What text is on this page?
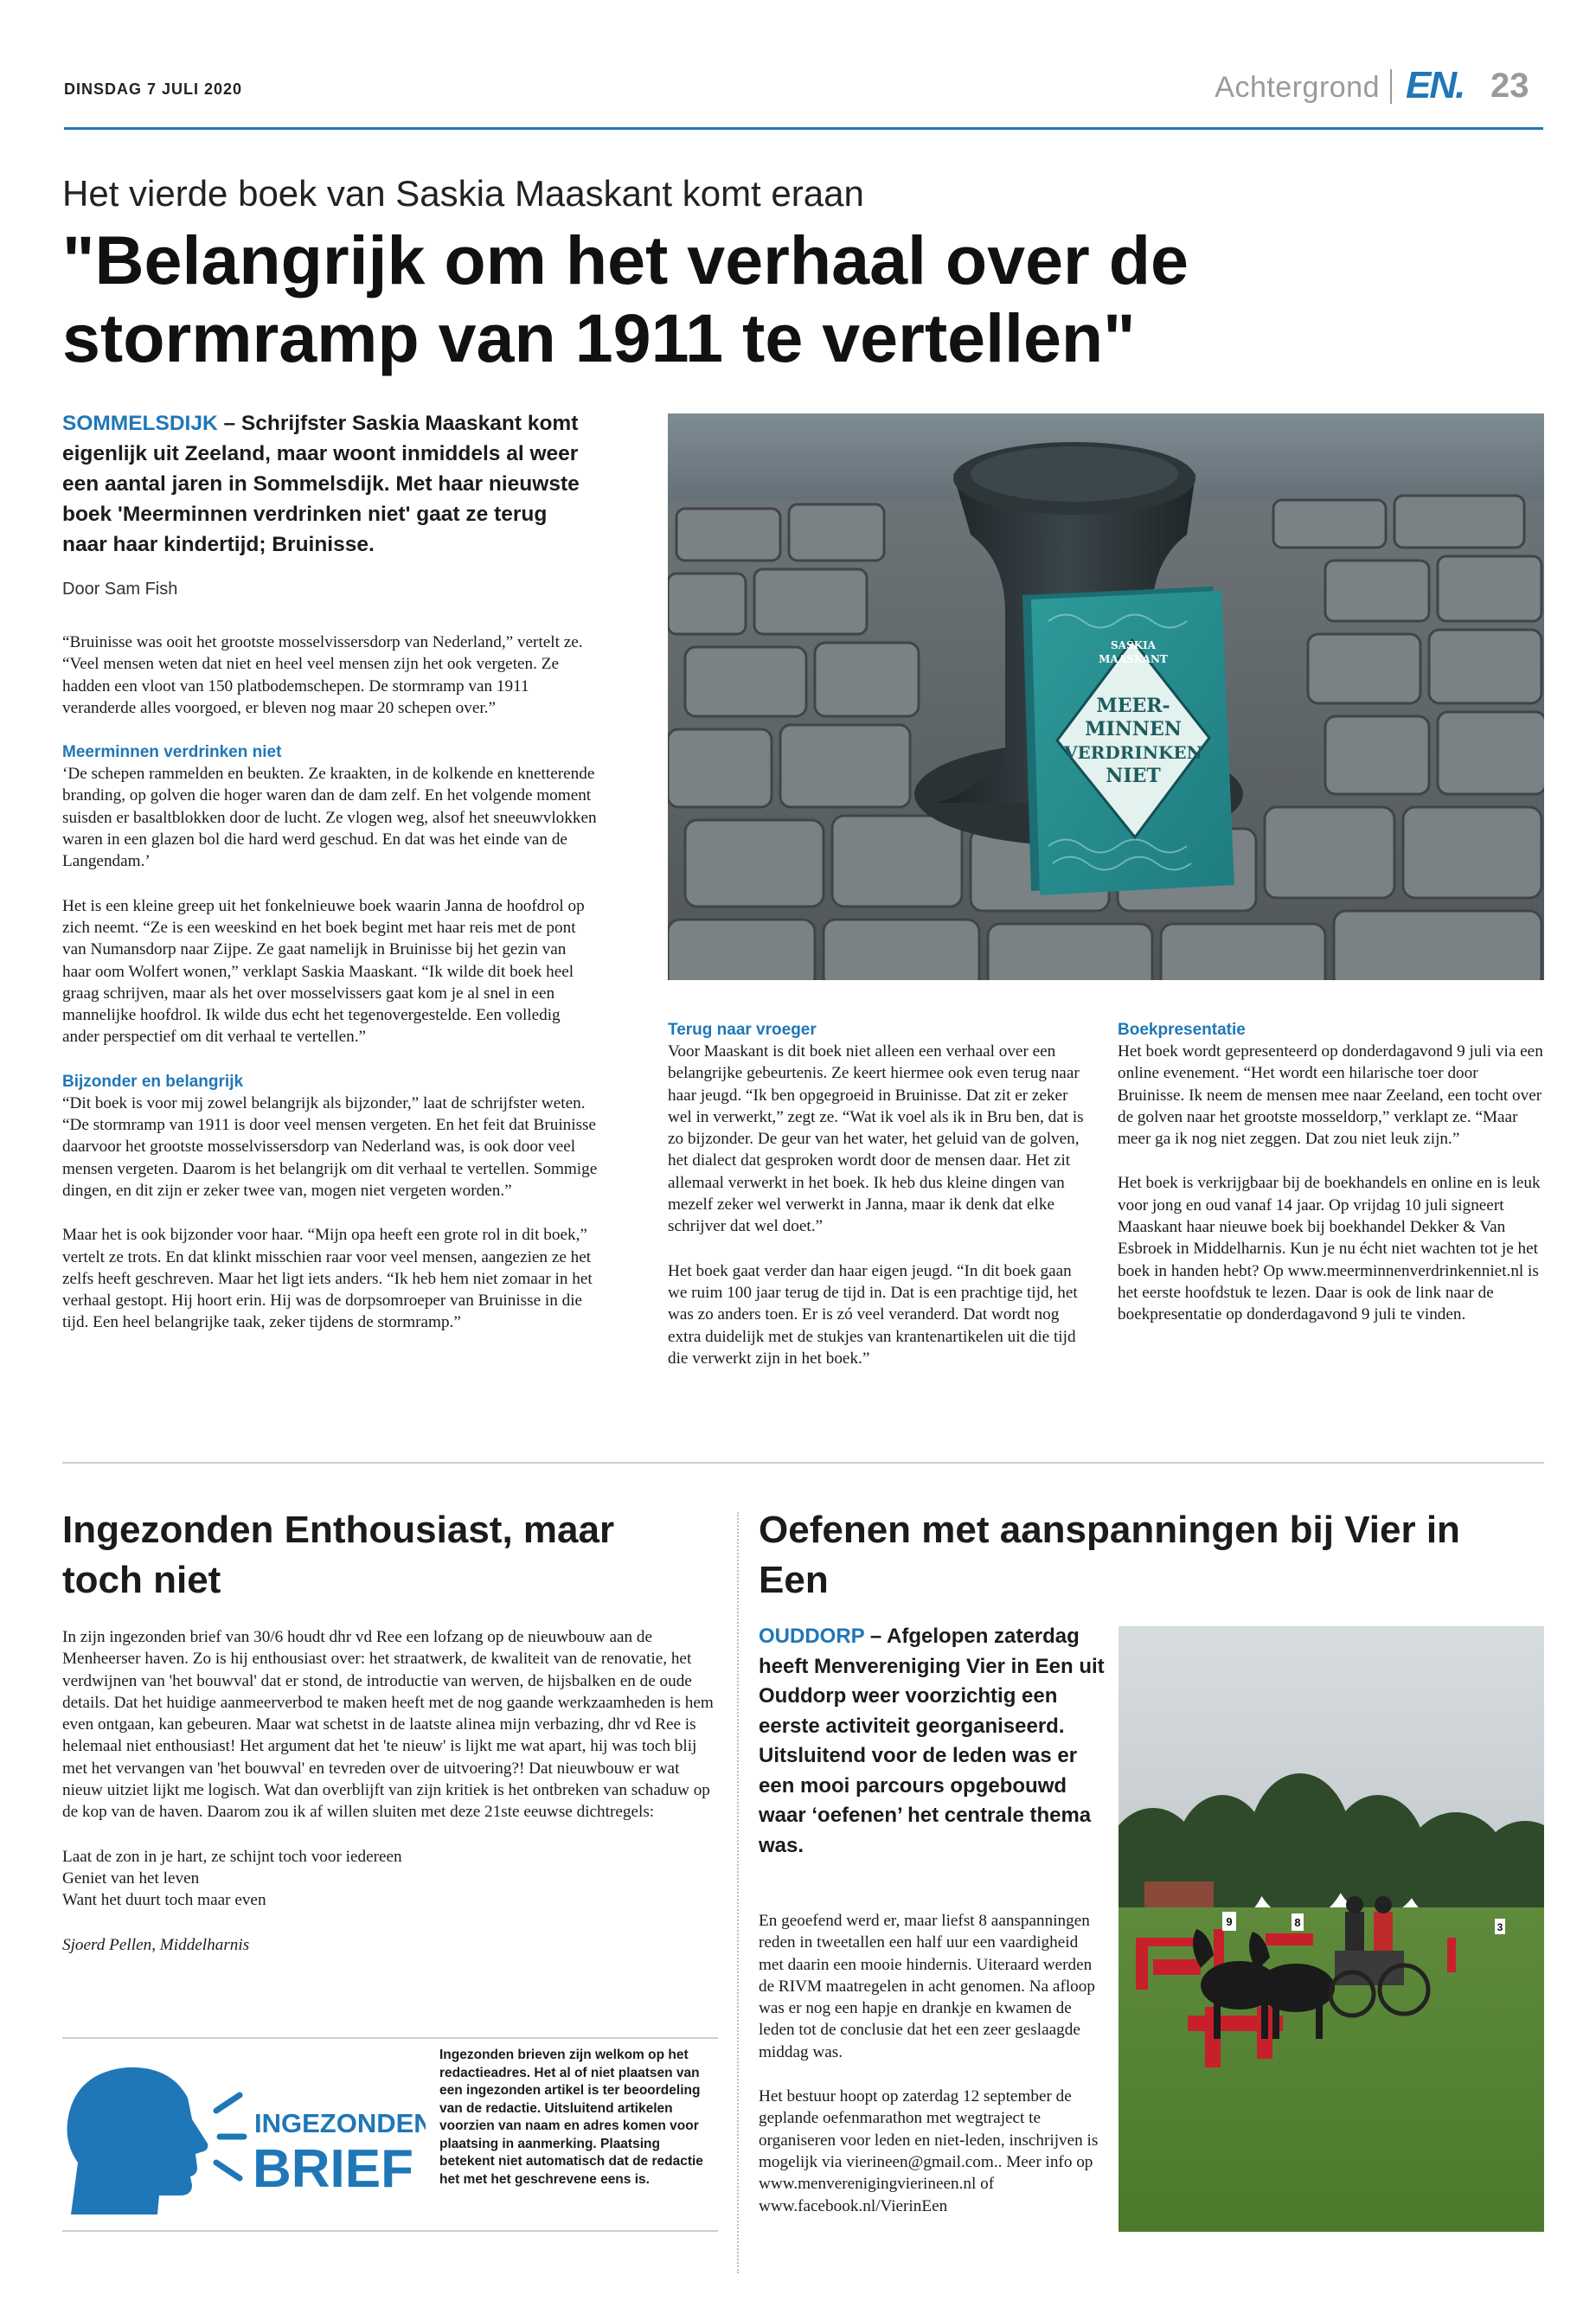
DINSDAG 7 JULI 2020	Achtergrond EN. 23
Het vierde boek van Saskia Maaskant komt eraan
"Belangrijk om het verhaal over de stormramp van 1911 te vertellen"
SOMMELSDIJK – Schrijfster Saskia Maaskant komt eigenlijk uit Zeeland, maar woont inmiddels al weer een aantal jaren in Sommelsdijk. Met haar nieuwste boek 'Meerminnen verdrinken niet' gaat ze terug naar haar kindertijd; Bruinisse.
Door Sam Fish

“Bruinisse was ooit het grootste mosselvissersdorp van Nederland,” vertelt ze. “Veel mensen weten dat niet en heel veel mensen zijn het ook vergeten. Ze hadden een vloot van 150 platbodemschepen. De stormramp van 1911 veranderde alles voorgoed, er bleven nog maar 20 schepen over.”

Meerminnen verdrinken niet

‘De schepen rammelden en beukten. Ze kraakten, in de kolkende en knetterende branding, op golven die hoger waren dan de dam zelf. En het volgende moment suisden er basaltblokken door de lucht. Ze vlogen weg, alsof het sneeuwvlokken waren in een glazen bol die hard werd geschud. En dat was het einde van de Langendam.’

Het is een kleine greep uit het fonkelnieuwe boek waarin Janna de hoofdrol op zich neemt. “Ze is een weeskind en het boek begint met haar reis met de pont van Numansdorp naar Zijpe. Ze gaat namelijk in Bruinisse bij het gezin van haar oom Wolfert wonen,” verklapt Saskia Maaskant. “Ik wilde dit boek heel graag schrijven, maar als het over mosselvissers gaat kom je al snel in een mannelijke hoofdrol. Ik wilde dus echt het tegenovergestelde. Een volledig ander perspectief om dit verhaal te vertellen.”

Bijzonder en belangrijk

“Dit boek is voor mij zowel belangrijk als bijzonder,” laat de schrijfster weten. “De stormramp van 1911 is door veel mensen vergeten. En het feit dat Bruinisse daarvoor het grootste mosselvissersdorp van Nederland was, is ook door veel mensen vergeten. Daarom is het belangrijk om dit verhaal te vertellen. Sommige dingen, en dit zijn er zeker twee van, mogen niet vergeten worden.”

Maar het is ook bijzonder voor haar. “Mijn opa heeft een grote rol in dit boek,” vertelt ze trots. En dat klinkt misschien raar voor veel mensen, aangezien ze het zelfs heeft geschreven. Maar het ligt iets anders. “Ik heb hem niet zomaar in het verhaal gestopt. Hij hoort erin. Hij was de dorpsomroeper van Bruinisse in die tijd. Een heel belangrijke taak, zeker tijdens de stormramp.”

SASKIA
MAASKANT
MEER-
MINNEN
VERDRINKEN
NIET
Terug naar vroeger

Voor Maaskant is dit boek niet alleen een verhaal over een belangrijke gebeurtenis. Ze keert hiermee ook even terug naar haar jeugd. “Ik ben opgegroeid in Bruinisse. Dat zit er zeker wel in verwerkt,” zegt ze. “Wat ik voel als ik in Bru ben, dat is zo bijzonder. De geur van het water, het geluid van de golven, het dialect dat gesproken wordt door de mensen daar. Het zit allemaal verwerkt in het boek. Ik heb dus kleine dingen van mezelf zeker wel verwerkt in Janna, maar ik denk dat elke schrijver dat wel doet.”

Het boek gaat verder dan haar eigen jeugd. “In dit boek gaan we ruim 100 jaar terug de tijd in. Dat is een prachtige tijd, het was zo anders toen. Er is zó veel veranderd. Dat wordt nog extra duidelijk met de stukjes van krantenartikelen uit die tijd die verwerkt zijn in het boek.”

Boekpresentatie

Het boek wordt gepresenteerd op donderdagavond 9 juli via een online evenement. “Het wordt een hilarische toer door Bruinisse. Ik neem de mensen mee naar Zeeland, een tocht over de golven naar het grootste mosseldorp,” verklapt ze. “Maar meer ga ik nog niet zeggen. Dat zou niet leuk zijn.”

Het boek is verkrijgbaar bij de boekhandels en online en is leuk voor jong en oud vanaf 14 jaar. Op vrijdag 10 juli signeert Maaskant haar nieuwe boek bij boekhandel Dekker & Van Esbroek in Middelharnis. Kun je nu écht niet wachten tot je het boek in handen hebt? Op www.meerminnenverdrinkenniet.nl is het eerste hoofdstuk te lezen. Daar is ook de link naar de boekpresentatie op donderdagavond 9 juli te vinden.

Ingezonden Enthousiast, maar toch niet

In zijn ingezonden brief van 30/6 houdt dhr vd Ree een lofzang op de nieuwbouw aan de Menheerser haven. Zo is hij enthousiast over: het straatwerk, de kwaliteit van de renovatie, het verdwijnen van 'het bouwval' dat er stond, de introductie van werven, de hijsbalken en de oude details. Dat het huidige aanmeerverbod te maken heeft met de nog gaande werkzaamheden is hem even ontgaan, kan gebeuren. Maar wat schetst in de laatste alinea mijn verbazing, dhr vd Ree is helemaal niet enthousiast! Het argument dat het 'te nieuw' is lijkt me wat apart, hij was toch blij met het vervangen van 'het bouwval' en tevreden over de uitvoering?! Dat nieuwbouw er wat nieuw uitziet lijkt me logisch. Wat dan overblijft van zijn kritiek is het ontbreken van schaduw op de kop van de haven. Daarom zou ik af willen sluiten met deze 21ste eeuwse dichtregels:

Laat de zon in je hart, ze schijnt toch voor iedereen

Geniet van het leven

Want het duurt toch maar even

Sjoerd Pellen, Middelharnis

INGEZONDEN
BRIEF
Ingezonden brieven zijn welkom op het redactieadres. Het al of niet plaatsen van een ingezonden artikel is ter beoordeling van de redactie. Uitsluitend artikelen voorzien van naam en adres komen voor plaatsing in aanmerking. Plaatsing betekent niet automatisch dat de redactie het met het geschrevene eens is.
Oefenen met aanspanningen bij Vier in Een
OUDDORP – Afgelopen zaterdag heeft Menvereniging Vier in Een uit Ouddorp weer voorzichtig een eerste activiteit georganiseerd. Uitsluitend voor de leden was er een mooi parcours opgebouwd waar ‘oefenen’ het centrale thema was.

En geoefend werd er, maar liefst 8 aanspanningen reden in tweetallen een half uur een vaardigheid met daarin een mooie hindernis. Uiteraard werden de RIVM maatregelen in acht genomen. Na afloop was er nog een hapje en drankje en kwamen de leden tot de conclusie dat het een zeer geslaagde middag was.

Het bestuur hoopt op zaterdag 12 september de geplande oefenmarathon met wegtraject te organiseren voor leden en niet-leden, inschrijven is mogelijk via vierineen@gmail.com.. Meer info op www.menverenigingvierineen.nl of www.facebook.nl/VierinEen

9	8	3
